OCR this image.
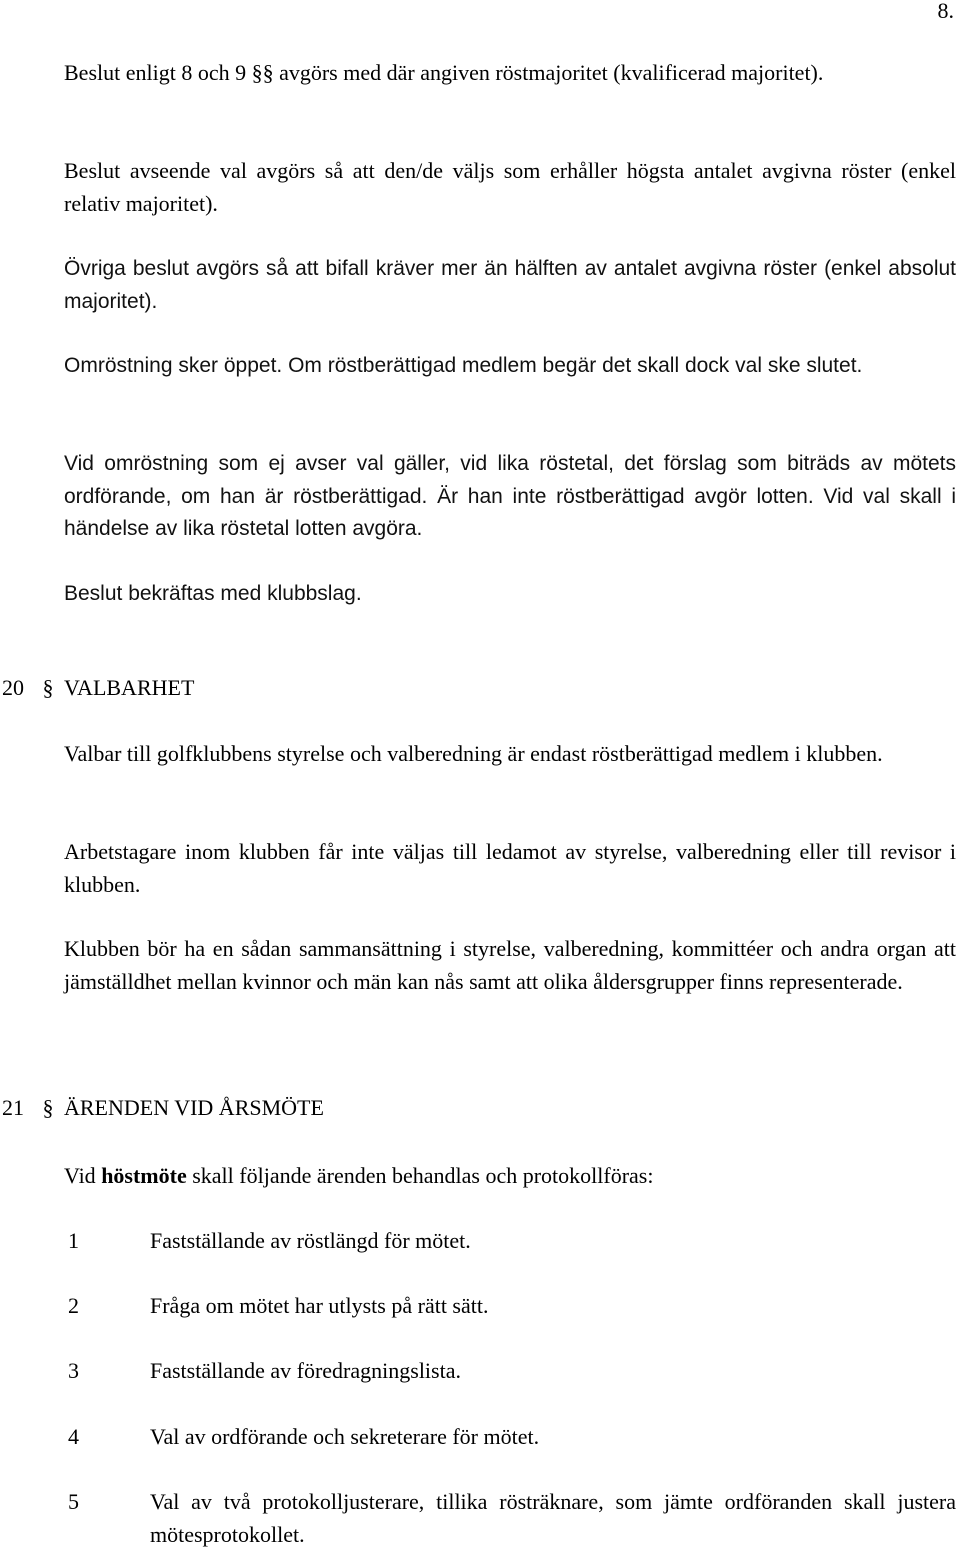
8.

Beslut enligt 8 och 9 §§ avgörs med där angiven röstmajoritet (kvalificerad majoritet).

Beslut avseende val avgörs så att den/de väljs som erhåller högsta antalet avgivna röster (enkel relativ majoritet).

Övriga beslut avgörs så att bifall kräver mer än hälften av antalet avgivna röster (enkel absolut majoritet).

Omröstning sker öppet. Om röstberättigad medlem begär det skall dock val ske slutet.

Vid omröstning som ej avser val gäller, vid lika röstetal, det förslag som biträds av mötets ordförande, om han är röstberättigad. Är han inte röstberättigad avgör lotten. Vid val skall i händelse av lika röstetal lotten avgöra.

Beslut bekräftas med klubbslag.

20 § VALBARHET

Valbar till golfklubbens styrelse och valberedning är endast röstberättigad medlem i klubben.

Arbetstagare inom klubben får inte väljas till ledamot av styrelse, valberedning eller till revisor i klubben.

Klubben bör ha en sådan sammansättning i styrelse, valberedning, kommittéer och andra organ att jämställdhet mellan kvinnor och män kan nås samt att olika åldersgrupper finns representerade.

21 § ÄRENDEN VID ÅRSMÖTE

Vid höstmöte skall följande ärenden behandlas och protokollföras:

1	Fastställande av röstlängd för mötet.
2	Fråga om mötet har utlysts på rätt sätt.
3	Fastställande av föredragningslista.
4	Val av ordförande och sekreterare för mötet.
5	Val av två protokolljusterare, tillika rösträknare, som jämte ordföranden skall justera mötesprotokollet.
